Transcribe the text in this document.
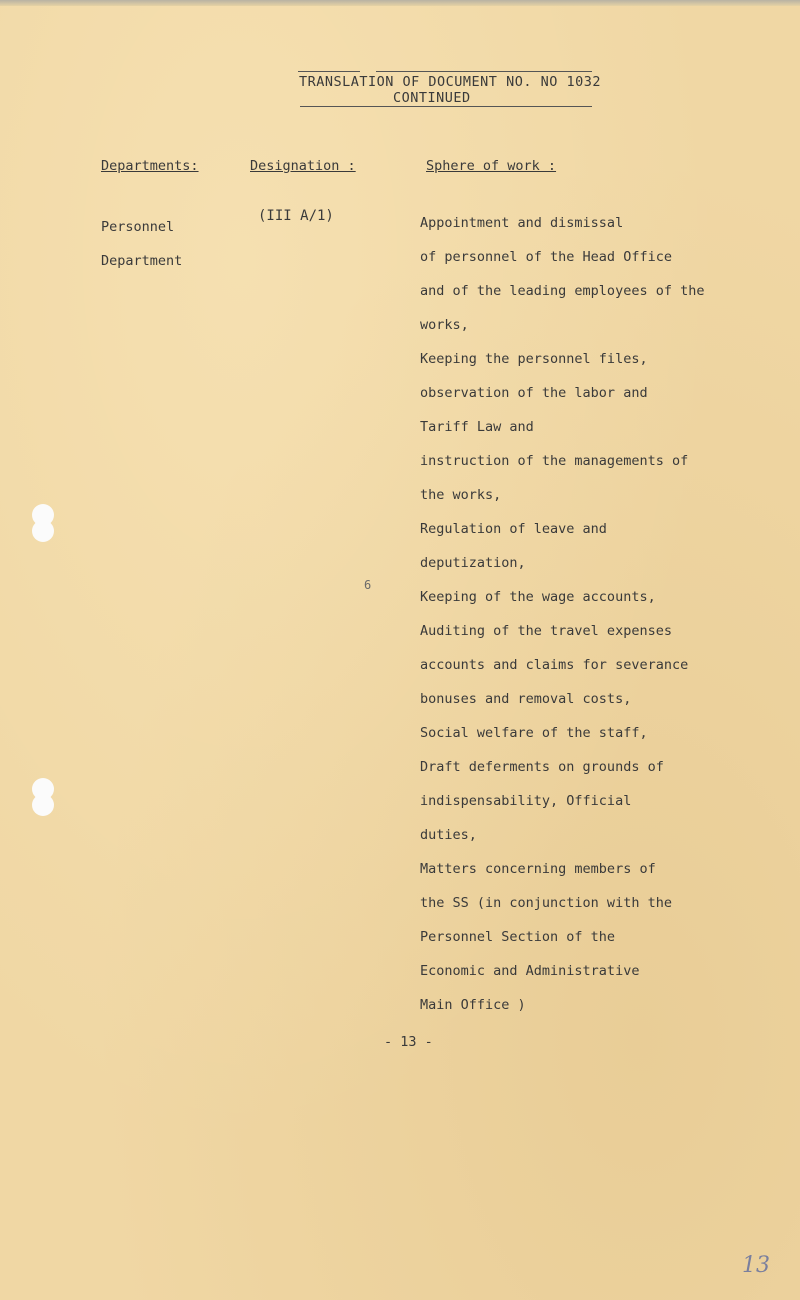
TRANSLATION OF DOCUMENT NO. NO 1032
CONTINUED
Departments:	Designation :	Sphere of work :
Personnel
Department
(III A/1)
6
Appointment and dismissal
of personnel of the Head Office
and of the leading employees of the
works,
Keeping the personnel files,
observation of the labor and
Tariff Law and
instruction of the managements of
the works,
Regulation of leave and
deputization,
Keeping of the wage accounts,
Auditing of the travel expenses
accounts and claims for severance
bonuses and removal costs,
Social welfare of the staff,
Draft deferments on grounds of
indispensability, Official
duties,
Matters concerning members of
the SS (in conjunction with the
Personnel Section of the
Economic and Administrative
Main Office )
- 13 -
13
